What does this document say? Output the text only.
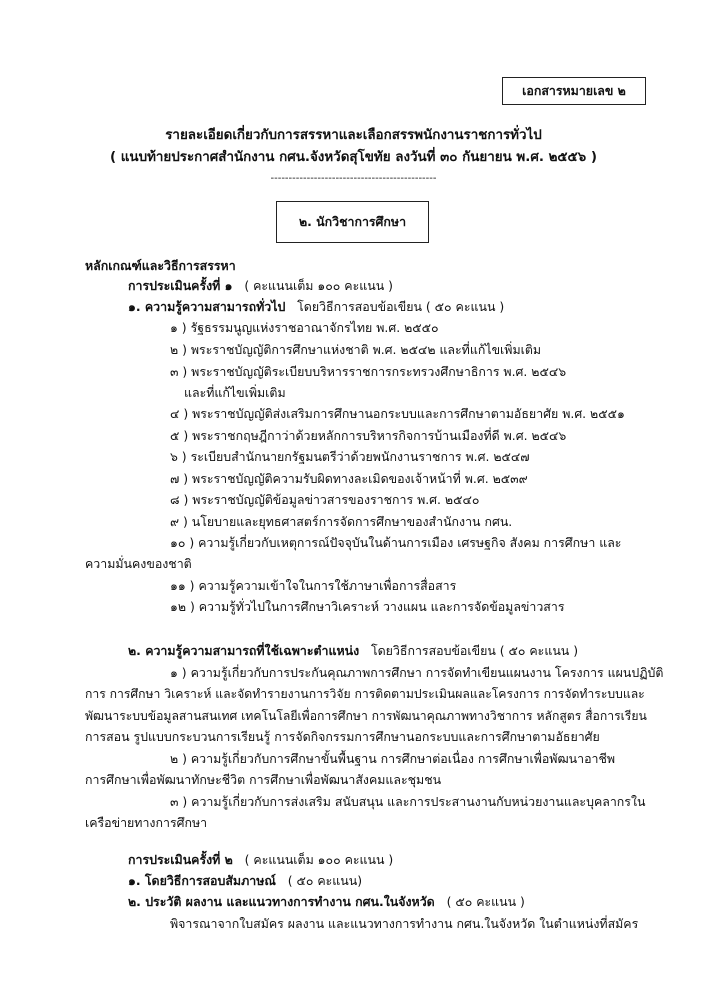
เอกสารหมายเลข ๒
รายละเอียดเกี่ยวกับการสรรหาและเลือกสรรพนักงานราชการทั่วไป
( แนบท้ายประกาศสำนักงาน กศน.จังหวัดสุโขทัย ลงวันที่ ๓๐ กันยายน พ.ศ. ๒๕๕๖ )
----------------------------------------------
๒. นักวิชาการศึกษา
หลักเกณฑ์และวิธีการสรรหา
การประเมินครั้งที่ ๑ ( คะแนนเต็ม ๑๐๐ คะแนน )
๑. ความรู้ความสามารถทั่วไป โดยวิธีการสอบข้อเขียน ( ๕๐ คะแนน )
๑ ) รัฐธรรมนูญแห่งราชอาณาจักรไทย พ.ศ. ๒๕๕๐
๒ ) พระราชบัญญัติการศึกษาแห่งชาติ พ.ศ. ๒๕๔๒ และที่แก้ไขเพิ่มเติม
๓ ) พระราชบัญญัติระเบียบบริหารราชการกระทรวงศึกษาธิการ พ.ศ. ๒๕๔๖
และที่แก้ไขเพิ่มเติม
๔ ) พระราชบัญญัติส่งเสริมการศึกษานอกระบบและการศึกษาตามอัธยาศัย พ.ศ. ๒๕๕๑
๕ ) พระราชกฤษฎีกาว่าด้วยหลักการบริหารกิจการบ้านเมืองที่ดี พ.ศ. ๒๕๔๖
๖ ) ระเบียบสำนักนายกรัฐมนตรีว่าด้วยพนักงานราชการ พ.ศ. ๒๕๔๗
๗ ) พระราชบัญญัติความรับผิดทางละเมิดของเจ้าหน้าที่ พ.ศ. ๒๕๓๙
๘ ) พระราชบัญญัติข้อมูลข่าวสารของราชการ พ.ศ. ๒๕๔๐
๙ ) นโยบายและยุทธศาสตร์การจัดการศึกษาของสำนักงาน กศน.
๑๐ ) ความรู้เกี่ยวกับเหตุการณ์ปัจจุบันในด้านการเมือง เศรษฐกิจ สังคม การศึกษา และ
ความมั่นคงของชาติ
๑๑ ) ความรู้ความเข้าใจในการใช้ภาษาเพื่อการสื่อสาร
๑๒ ) ความรู้ทั่วไปในการศึกษาวิเคราะห์ วางแผน และการจัดข้อมูลข่าวสาร
๒. ความรู้ความสามารถที่ใช้เฉพาะตำแหน่ง โดยวิธีการสอบข้อเขียน ( ๕๐ คะแนน )
๑ ) ความรู้เกี่ยวกับการประกันคุณภาพการศึกษา การจัดทำเขียนแผนงาน โครงการ แผนปฏิบัติ
การ การศึกษา วิเคราะห์ และจัดทำรายงานการวิจัย การติดตามประเมินผลและโครงการ การจัดทำระบบและ
พัฒนาระบบข้อมูลสานสนเทศ เทคโนโลยีเพื่อการศึกษา การพัฒนาคุณภาพทางวิชาการ หลักสูตร สื่อการเรียน
การสอน รูปแบบกระบวนการเรียนรู้ การจัดกิจกรรมการศึกษานอกระบบและการศึกษาตามอัธยาศัย
๒ ) ความรู้เกี่ยวกับการศึกษาขั้นพื้นฐาน การศึกษาต่อเนื่อง การศึกษาเพื่อพัฒนาอาชีพ
การศึกษาเพื่อพัฒนาทักษะชีวิต การศึกษาเพื่อพัฒนาสังคมและชุมชน
๓ ) ความรู้เกี่ยวกับการส่งเสริม สนับสนุน และการประสานงานกับหน่วยงานและบุคลากรใน
เครือข่ายทางการศึกษา
การประเมินครั้งที่ ๒ ( คะแนนเต็ม ๑๐๐ คะแนน )
๑. โดยวิธีการสอบสัมภาษณ์ ( ๕๐ คะแนน)
๒. ประวัติ ผลงาน และแนวทางการทำงาน กศน.ในจังหวัด ( ๕๐ คะแนน )
พิจารณาจากใบสมัคร ผลงาน และแนวทางการทำงาน กศน.ในจังหวัด ในตำแหน่งที่สมัคร
